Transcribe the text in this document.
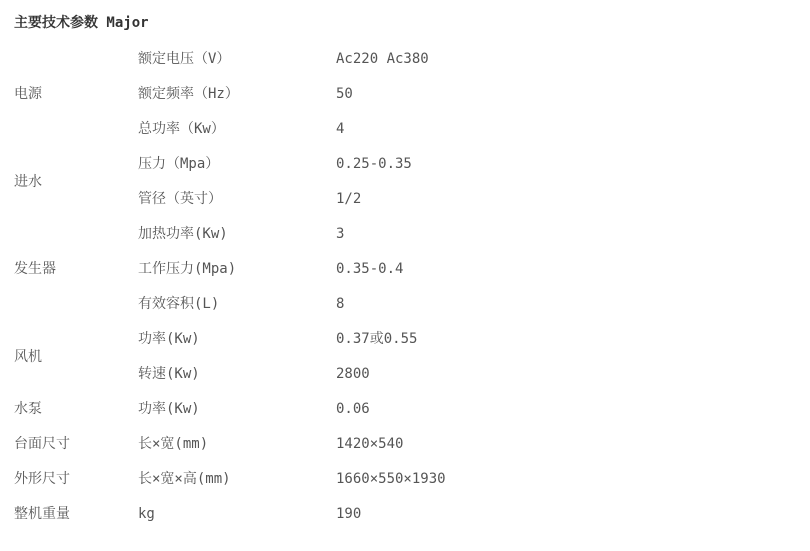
主要技术参数 Major
电源	额定电压（V）	Ac220 Ac380
	额定频率（Hz）	50
	总功率（Kw）	4
进水	压力（Mpa）	0.25-0.35
	管径（英寸）	1/2
发生器	加热功率(Kw)	3
	工作压力(Mpa)	0.35-0.4
	有效容积(L)	8
风机	功率(Kw)	0.37或0.55
	转速(Kw)	2800
水泵	功率(Kw)	0.06
台面尺寸	长×宽(mm)	1420×540
外形尺寸	长×宽×高(mm)	1660×550×1930
整机重量	kg	190
